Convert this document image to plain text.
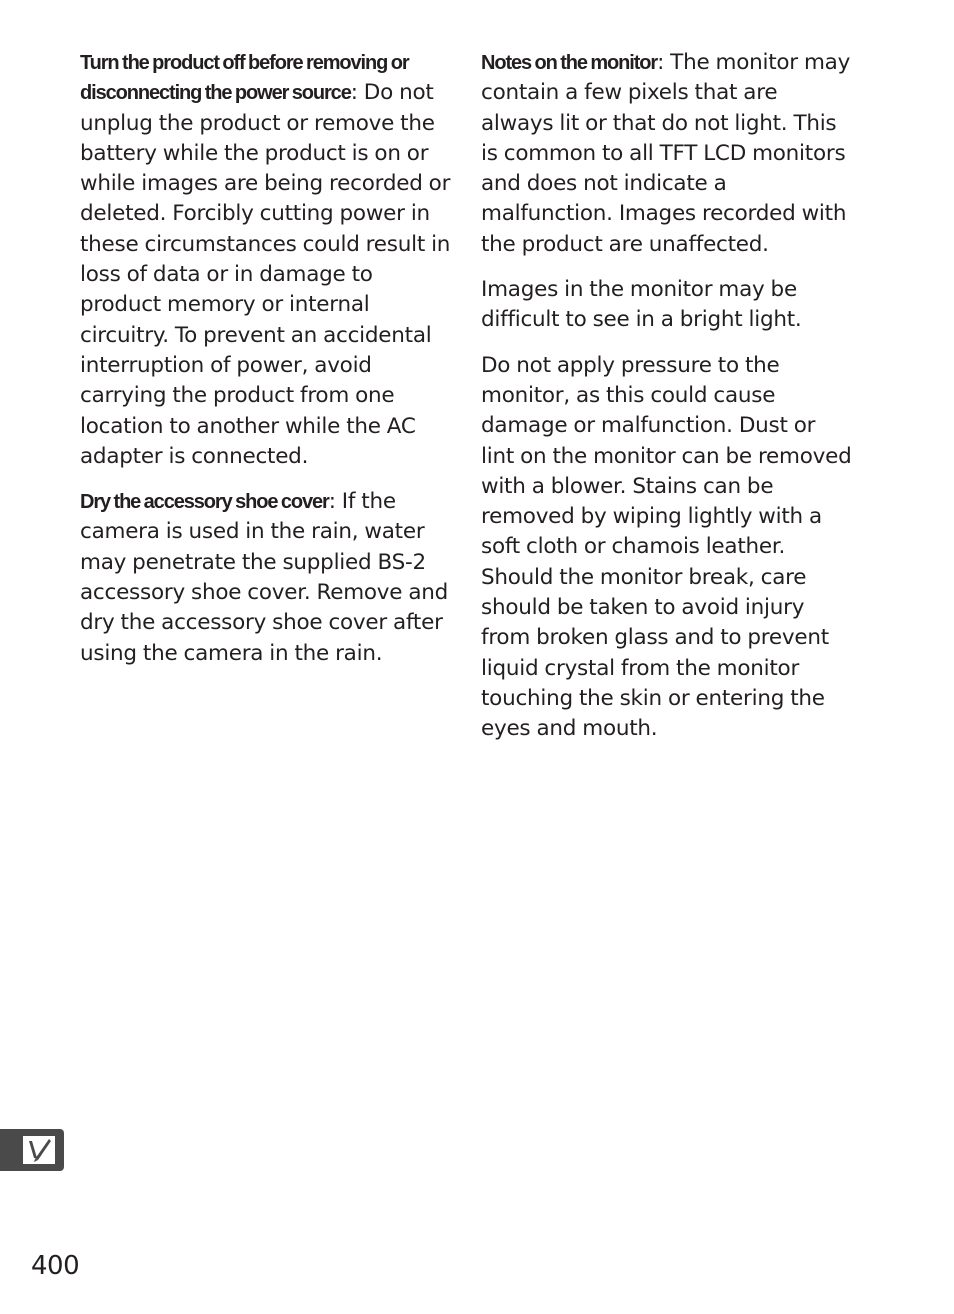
Turn the product off before removing or disconnecting the power source: Do not unplug the product or remove the battery while the product is on or while images are being recorded or deleted. Forcibly cutting power in these circumstances could result in loss of data or in damage to product memory or internal circuitry. To prevent an accidental interruption of power, avoid carrying the product from one location to another while the AC adapter is connected.

Dry the accessory shoe cover: If the camera is used in the rain, water may penetrate the supplied BS-2 accessory shoe cover. Remove and dry the accessory shoe cover after using the camera in the rain.

Notes on the monitor: The monitor may contain a few pixels that are always lit or that do not light. This is common to all TFT LCD monitors and does not indicate a malfunction. Images recorded with the product are unaffected.

Images in the monitor may be difficult to see in a bright light.

Do not apply pressure to the monitor, as this could cause damage or malfunction. Dust or lint on the monitor can be removed with a blower. Stains can be removed by wiping lightly with a soft cloth or chamois leather. Should the monitor break, care should be taken to avoid injury from broken glass and to prevent liquid crystal from the monitor touching the skin or entering the eyes and mouth.

400
